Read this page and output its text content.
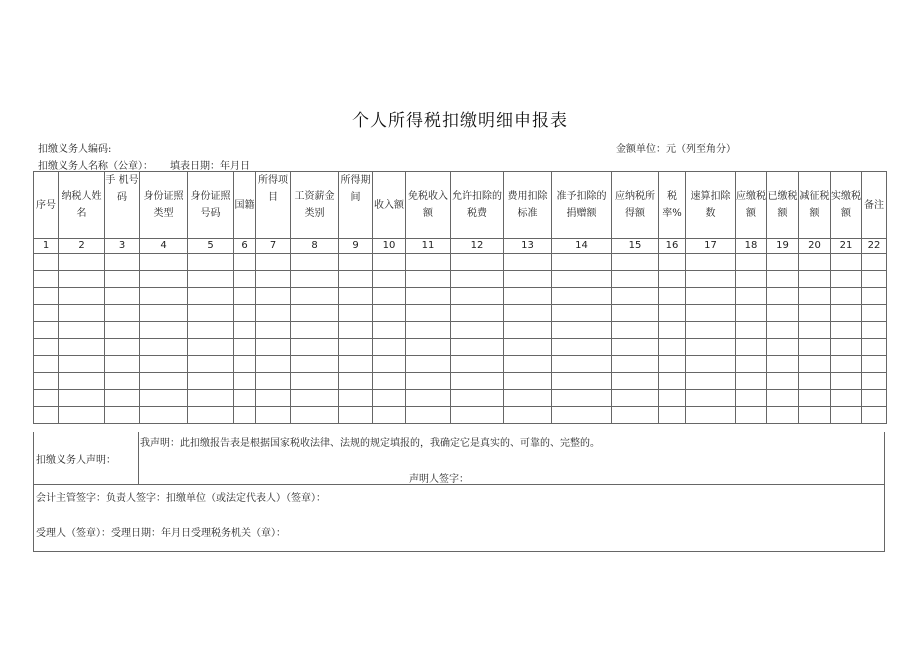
个人所得税扣缴明细申报表
扣缴义务人编码:	金额单位：元（列至角分）
扣缴义务人名称（公章）： 填表日期：年月日
序号	纳税人姓名	手 机号码	身份证照类型	身份证照号码	国籍	所得项目	工资薪金类别	所得期间	收入额	免税收入额	允许扣除的税费	费用扣除标准	准予扣除的捐赠额	应纳税所得额	税率%	速算扣除数	应缴税额	已缴税额	减征税额	实缴税额	备注
1	2	3	4	5	6	7	8	9	10	11	12	13	14	15	16	17	18	19	20	21	22

扣缴义务人声明：
我声明：此扣缴报告表是根据国家税收法律、法规的规定填报的，我确定它是真实的、可靠的、完整的。
声明人签字：
会计主管签字：负责人签字：扣缴单位（或法定代表人）（签章）：
受理人（签章）：受理日期：年月日受理税务机关（章）：
